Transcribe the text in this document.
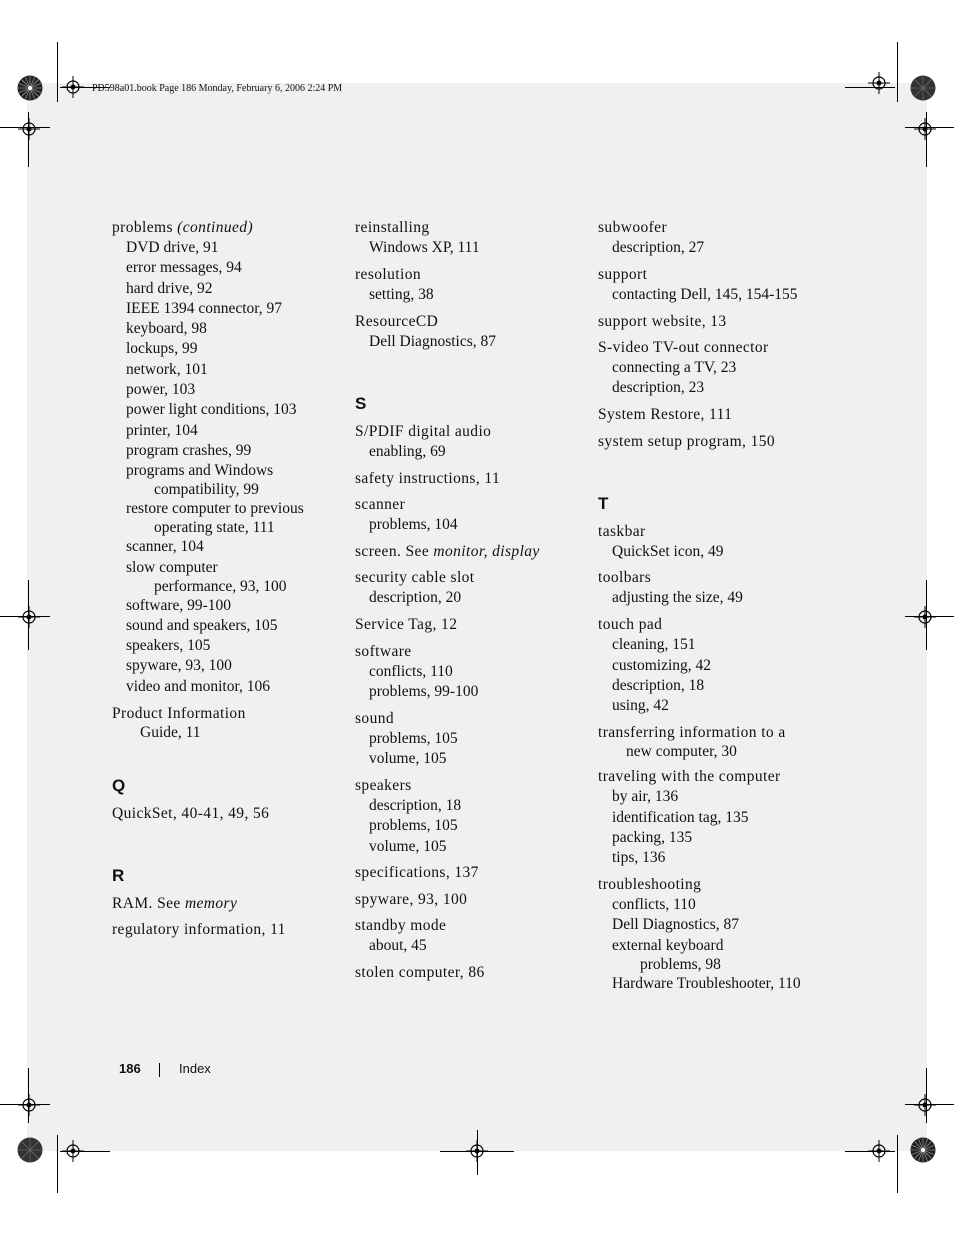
PD598a01.book Page 186 Monday, February 6, 2006 2:24 PM
problems (continued)
DVD drive, 91
error messages, 94
hard drive, 92
IEEE 1394 connector, 97
keyboard, 98
lockups, 99
network, 101
power, 103
power light conditions, 103
printer, 104
program crashes, 99
programs and Windows
compatibility, 99
restore computer to previous
operating state, 111
scanner, 104
slow computer
performance, 93, 100
software, 99-100
sound and speakers, 105
speakers, 105
spyware, 93, 100
video and monitor, 106
Product Information
Guide, 11
Q
QuickSet, 40-41, 49, 56
R
RAM. See memory
regulatory information, 11
reinstalling
Windows XP, 111
resolution
setting, 38
ResourceCD
Dell Diagnostics, 87
S
S/PDIF digital audio
enabling, 69
safety instructions, 11
scanner
problems, 104
screen. See monitor, display
security cable slot
description, 20
Service Tag, 12
software
conflicts, 110
problems, 99-100
sound
problems, 105
volume, 105
speakers
description, 18
problems, 105
volume, 105
specifications, 137
spyware, 93, 100
standby mode
about, 45
stolen computer, 86
subwoofer
description, 27
support
contacting Dell, 145, 154-155
support website, 13
S-video TV-out connector
connecting a TV, 23
description, 23
System Restore, 111
system setup program, 150
T
taskbar
QuickSet icon, 49
toolbars
adjusting the size, 49
touch pad
cleaning, 151
customizing, 42
description, 18
using, 42
transferring information to a
new computer, 30
traveling with the computer
by air, 136
identification tag, 135
packing, 135
tips, 136
troubleshooting
conflicts, 110
Dell Diagnostics, 87
external keyboard
problems, 98
Hardware Troubleshooter, 110
186	Index
